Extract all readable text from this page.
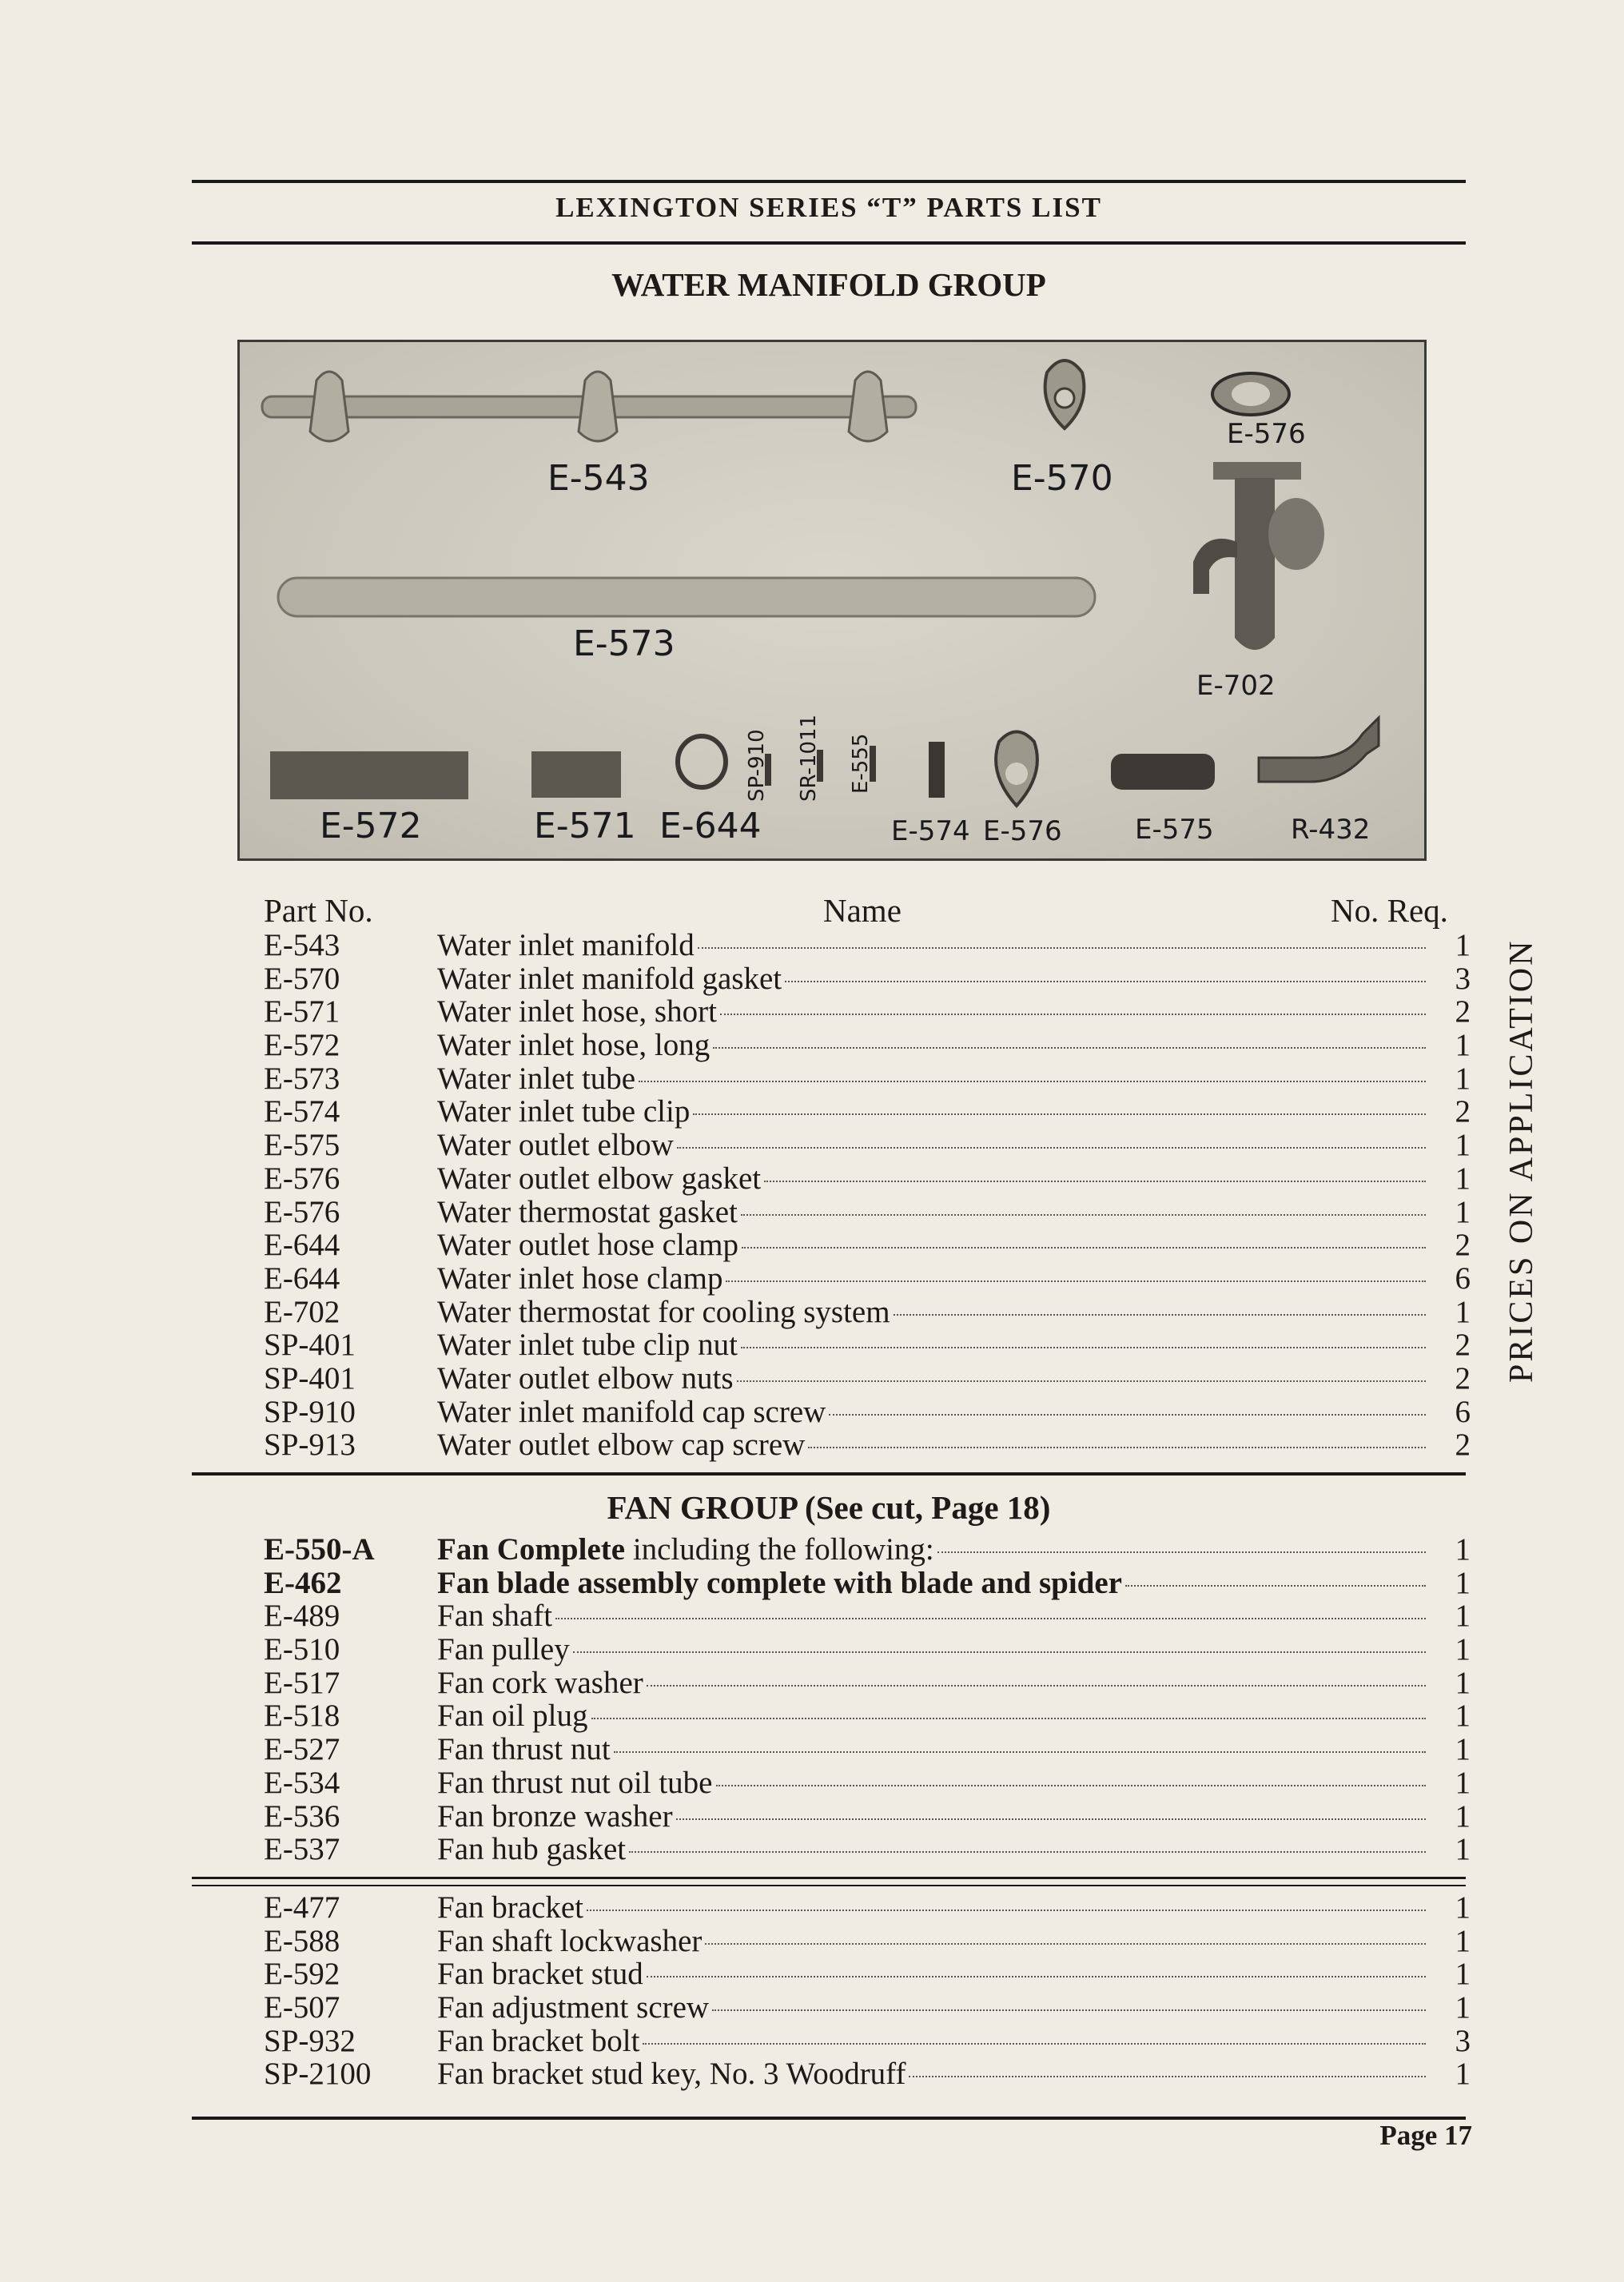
LEXINGTON SERIES “T” PARTS LIST
WATER MANIFOLD GROUP
E-543	E-570
E-576
E-573
E-702
E-572	E-571 E-644
SP-910 SR-1011 E-555
E-574 E-576	E-575	R-432
Part No.	Name	No. Req.
E-543	Water inlet manifold	1
E-570	Water inlet manifold gasket	3
E-571	Water inlet hose, short	2
E-572	Water inlet hose, long	1
E-573	Water inlet tube	1
E-574	Water inlet tube clip	2
E-575	Water outlet elbow	1
E-576	Water outlet elbow gasket	1
E-576	Water thermostat gasket	1
E-644	Water outlet hose clamp	2
E-644	Water inlet hose clamp	6
E-702	Water thermostat for cooling system	1
SP-401	Water inlet tube clip nut	2
SP-401	Water outlet elbow nuts	2
SP-910	Water inlet manifold cap screw	6
SP-913	Water outlet elbow cap screw	2
FAN GROUP (See cut, Page 18)
E-550-A Fan Complete including the following:	1
E-462	Fan blade assembly complete with blade and spider	1
E-489	Fan shaft	1
E-510	Fan pulley	1
E-517	Fan cork washer	1
E-518	Fan oil plug	1
E-527	Fan thrust nut	1
E-534	Fan thrust nut oil tube	1
E-536	Fan bronze washer	1
E-537	Fan hub gasket	1
E-477	Fan bracket	1
E-588	Fan shaft lockwasher	1
E-592	Fan bracket stud	1
E-507	Fan adjustment screw	1
SP-932	Fan bracket bolt	3
SP-2100 Fan bracket stud key, No. 3 Woodruff	1
PRICES ON APPLICATION
Page 17
